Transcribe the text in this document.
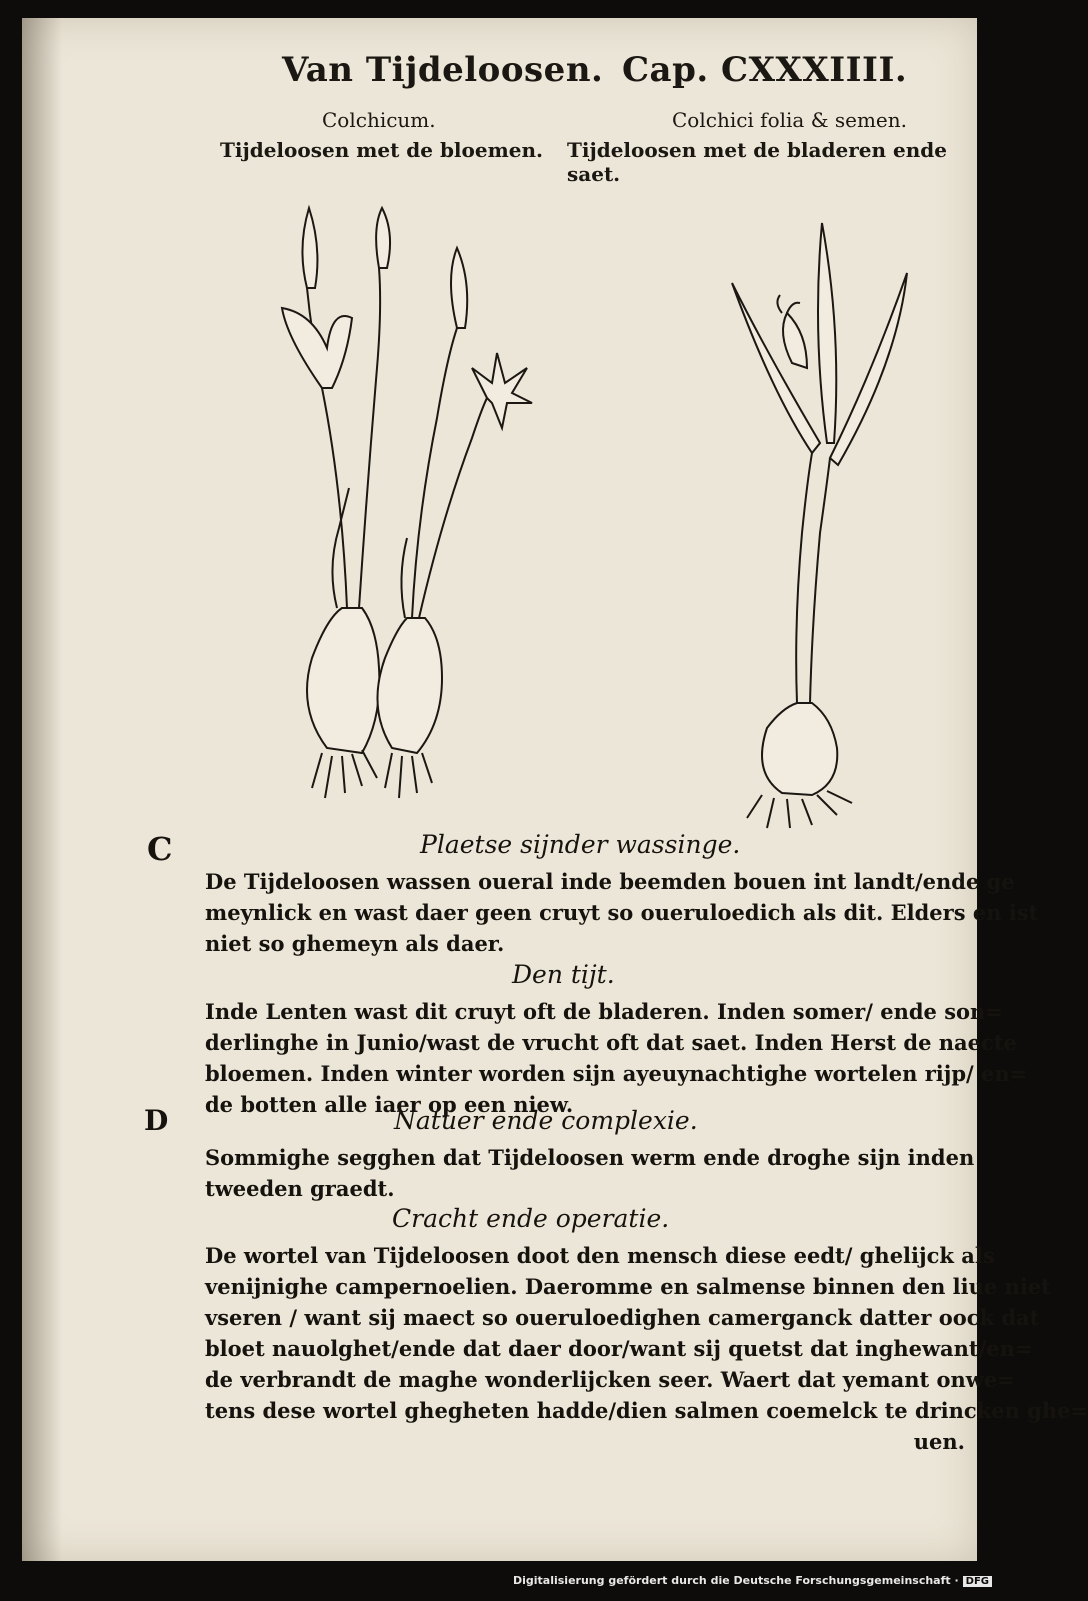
Van Tijdeloosen. Cap. CXXXIIII.
Colchicum.	Colchici folia & semen.
Tijdeloosen met de bloemen. Tijdeloosen met de bladeren ende saet.
C	Plaetse sijnder wassinge.
De Tijdeloosen wassen oueral inde beemden bouen int landt/ende ge
meynlick en wast daer geen cruyt so oueruloedich als dit. Elders en ist
niet so ghemeyn als daer.
Den tijt.
Inde Lenten wast dit cruyt oft de bladeren. Inden somer/ ende son=
derlinghe in Junio/wast de vrucht oft dat saet. Inden Herst de naecte
bloemen. Inden winter worden sijn ayeuynachtighe wortelen rijp/ en=
de botten alle iaer op een niew.
D	Natuer ende complexie.
Sommighe segghen dat Tijdeloosen werm ende droghe sijn inden
tweeden graedt.
Cracht ende operatie.
De wortel van Tijdeloosen doot den mensch diese eedt/ ghelijck als
venijnighe campernoelien. Daeromme en salmense binnen den liue niet
vseren / want sij maect so oueruloedighen camerganck datter oock dat
bloet nauolghet/ende dat daer door/want sij quetst dat inghewant/en=
de verbrandt de maghe wonderlijcken seer. Waert dat yemant onwe=
tens dese wortel ghegheten hadde/dien salmen coemelck te drincken ghe=
uen.
Digitalisierung gefördert durch die Deutsche Forschungsgemeinschaft · DFG
